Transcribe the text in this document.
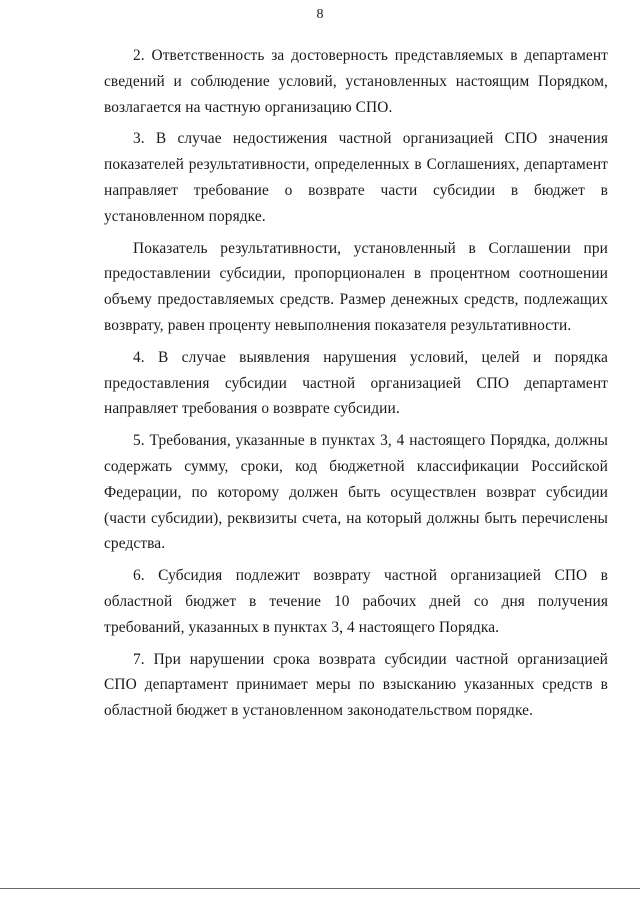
8

2. Ответственность за достоверность представляемых в департамент сведений и соблюдение условий, установленных настоящим Порядком, возлагается на частную организацию СПО.

3. В случае недостижения частной организацией СПО значения показателей результативности, определенных в Соглашениях, департамент направляет требование о возврате части субсидии в бюджет в установленном порядке.

Показатель результативности, установленный в Соглашении при предоставлении субсидии, пропорционален в процентном соотношении объему предоставляемых средств. Размер денежных средств, подлежащих возврату, равен проценту невыполнения показателя результативности.

4. В случае выявления нарушения условий, целей и порядка предоставления субсидии частной организацией СПО департамент направляет требования о возврате субсидии.

5. Требования, указанные в пунктах 3, 4 настоящего Порядка, должны содержать сумму, сроки, код бюджетной классификации Российской Федерации, по которому должен быть осуществлен возврат субсидии (части субсидии), реквизиты счета, на который должны быть перечислены средства.

6. Субсидия подлежит возврату частной организацией СПО в областной бюджет в течение 10 рабочих дней со дня получения требований, указанных в пунктах 3, 4 настоящего Порядка.

7. При нарушении срока возврата субсидии частной организацией СПО департамент принимает меры по взысканию указанных средств в областной бюджет в установленном законодательством порядке.
